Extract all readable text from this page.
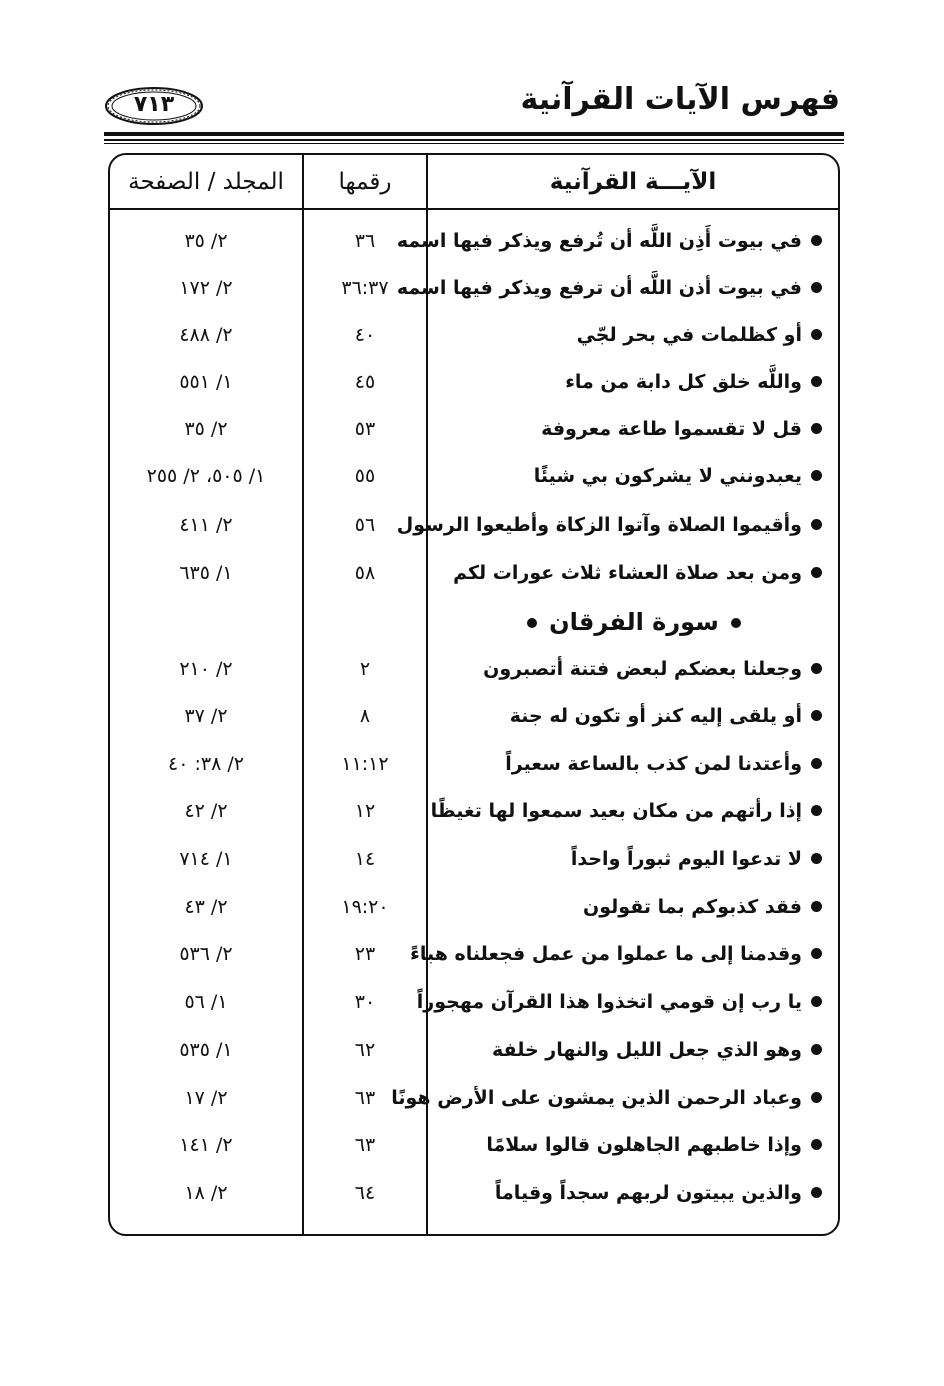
فهرس الآيات القرآنية
٧١٣
الآيـــة القرآنية
رقمها
المجلد / الصفحة
في بيوت أَذِن اللَّه أن تُرفع ويذكر فيها اسمه
٣٦
٢/ ٣٥
في بيوت أذن اللَّه أن ترفع ويذكر فيها اسمه
٣٦:٣٧
٢/ ١٧٢
أو كظلمات في بحر لجّي
٤٠
٢/ ٤٨٨
واللَّه خلق كل دابة من ماء
٤٥
١/ ٥٥١
قل لا تقسموا طاعة معروفة
٥٣
٢/ ٣٥
يعبدونني لا يشركون بي شيئًا
٥٥
١/ ٥٠٥، ٢/ ٢٥٥
وأقيموا الصلاة وآتوا الزكاة وأطيعوا الرسول
٥٦
٢/ ٤١١
ومن بعد صلاة العشاء ثلاث عورات لكم
٥٨
١/ ٦٣٥
سورة الفرقان
وجعلنا بعضكم لبعض فتنة أتصبرون
٢
٢/ ٢١٠
أو يلقى إليه كنز أو تكون له جنة
٨
٢/ ٣٧
وأعتدنا لمن كذب بالساعة سعيراً
١١:١٢
٢/ ٣٨: ٤٠
إذا رأتهم من مكان بعيد سمعوا لها تغيظًا
١٢
٢/ ٤٢
لا تدعوا اليوم ثبوراً واحداً
١٤
١/ ٧١٤
فقد كذبوكم بما تقولون
١٩:٢٠
٢/ ٤٣
وقدمنا إلى ما عملوا من عمل فجعلناه هباءً
٢٣
٢/ ٥٣٦
يا رب إن قومي اتخذوا هذا القرآن مهجوراً
٣٠
١/ ٥٦
وهو الذي جعل الليل والنهار خلفة
٦٢
١/ ٥٣٥
وعباد الرحمن الذين يمشون على الأرض هونًا
٦٣
٢/ ١٧
وإذا خاطبهم الجاهلون قالوا سلامًا
٦٣
٢/ ١٤١
والذين يبيتون لربهم سجداً وقياماً
٦٤
٢/ ١٨
